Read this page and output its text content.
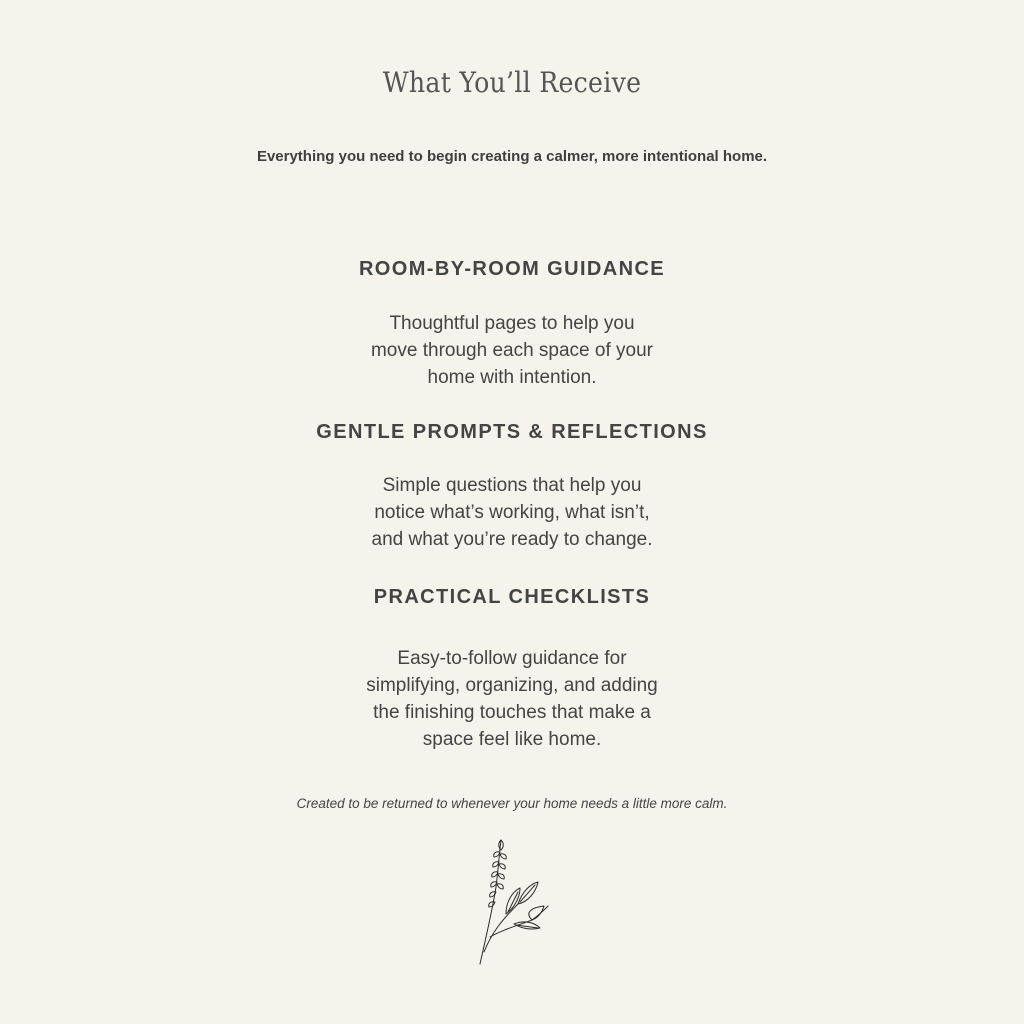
What You’ll Receive
Everything you need to begin creating a calmer, more intentional home.
ROOM-BY-ROOM GUIDANCE
Thoughtful pages to help you
move through each space of your
home with intention.
GENTLE PROMPTS & REFLECTIONS
Simple questions that help you
notice what’s working, what isn’t,
and what you’re ready to change.
PRACTICAL CHECKLISTS
Easy-to-follow guidance for
simplifying, organizing, and adding
the finishing touches that make a
space feel like home.
Created to be returned to whenever your home needs a little more calm.
